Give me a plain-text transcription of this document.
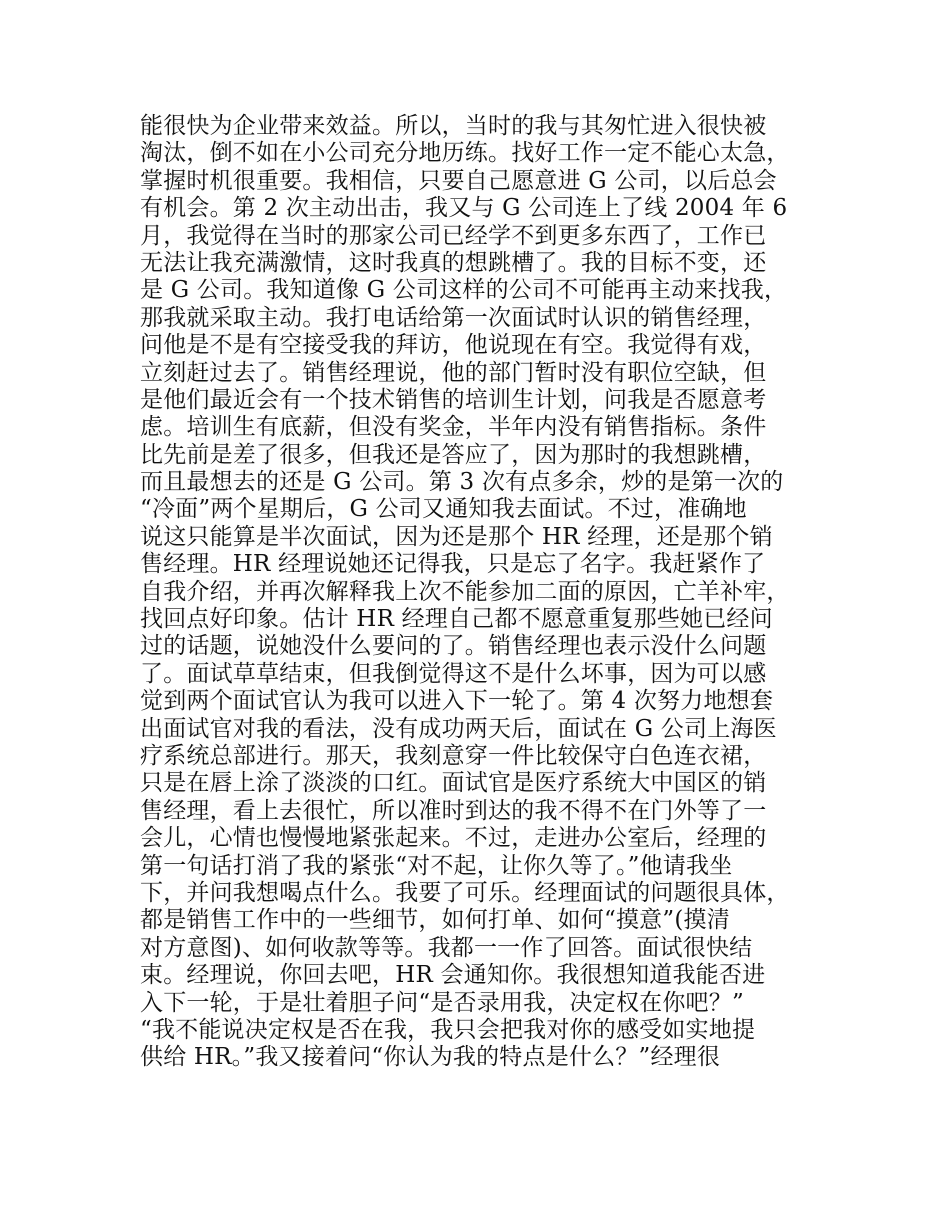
能很快为企业带来效益。所以，当时的我与其匆忙进入很快被
淘汰，倒不如在小公司充分地历练。找好工作一定不能心太急，
掌握时机很重要。我相信，只要自己愿意进 G 公司，以后总会
有机会。第 2 次主动出击，我又与 G 公司连上了线 2004 年 6
月，我觉得在当时的那家公司已经学不到更多东西了，工作已
无法让我充满激情，这时我真的想跳槽了。我的目标不变，还
是 G 公司。我知道像 G 公司这样的公司不可能再主动来找我，
那我就采取主动。我打电话给第一次面试时认识的销售经理，
问他是不是有空接受我的拜访，他说现在有空。我觉得有戏，
立刻赶过去了。销售经理说，他的部门暂时没有职位空缺，但
是他们最近会有一个技术销售的培训生计划，问我是否愿意考
虑。培训生有底薪，但没有奖金，半年内没有销售指标。条件
比先前是差了很多，但我还是答应了，因为那时的我想跳槽，
而且最想去的还是 G 公司。第 3 次有点多余，炒的是第一次的
“冷面”两个星期后，G 公司又通知我去面试。不过，准确地
说这只能算是半次面试，因为还是那个 HR 经理，还是那个销
售经理。HR 经理说她还记得我，只是忘了名字。我赶紧作了
自我介绍，并再次解释我上次不能参加二面的原因，亡羊补牢，
找回点好印象。估计 HR 经理自己都不愿意重复那些她已经问
过的话题，说她没什么要问的了。销售经理也表示没什么问题
了。面试草草结束，但我倒觉得这不是什么坏事，因为可以感
觉到两个面试官认为我可以进入下一轮了。第 4 次努力地想套
出面试官对我的看法，没有成功两天后，面试在 G 公司上海医
疗系统总部进行。那天，我刻意穿一件比较保守白色连衣裙，
只是在唇上涂了淡淡的口红。面试官是医疗系统大中国区的销
售经理，看上去很忙，所以准时到达的我不得不在门外等了一
会儿，心情也慢慢地紧张起来。不过，走进办公室后，经理的
第一句话打消了我的紧张“对不起，让你久等了。”他请我坐
下，并问我想喝点什么。我要了可乐。经理面试的问题很具体，
都是销售工作中的一些细节，如何打单、如何“摸意”(摸清
对方意图)、如何收款等等。我都一一作了回答。面试很快结
束。经理说，你回去吧，HR 会通知你。我很想知道我能否进
入下一轮，于是壮着胆子问“是否录用我，决定权在你吧？”
“我不能说决定权是否在我，我只会把我对你的感受如实地提
供给 HR。”我又接着问“你认为我的特点是什么？”经理很
